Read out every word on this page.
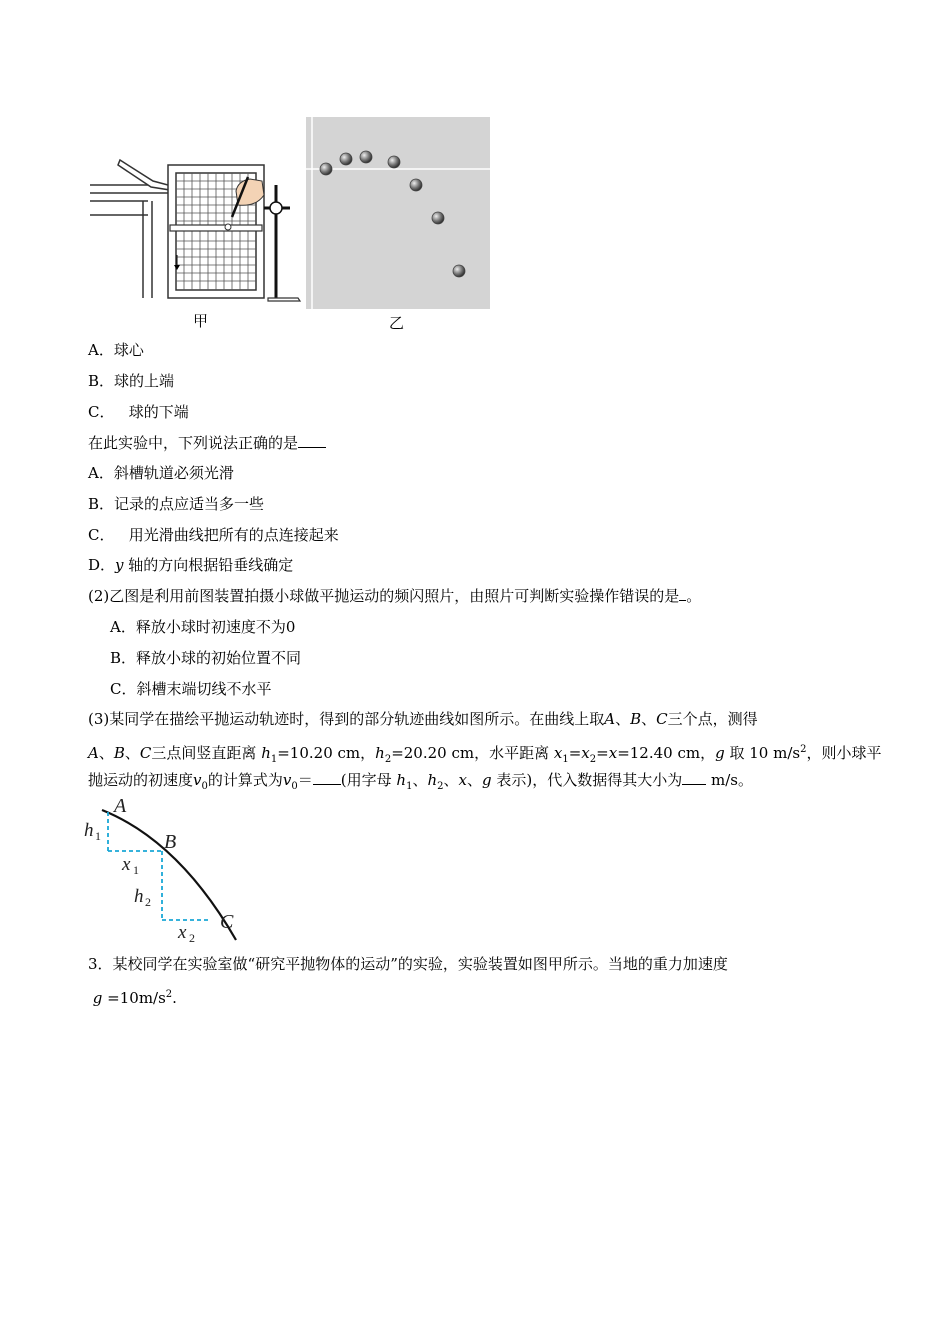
甲	乙
A．球心
B．球的上端
C． 球的下端
在此实验中，下列说法正确的是
A．斜槽轨道必须光滑
B．记录的点应适当多一些
C． 用光滑曲线把所有的点连接起来
D．y 轴的方向根据铅垂线确定
(2)乙图是利用前图装置拍摄小球做平抛运动的频闪照片，由照片可判断实验操作错误的是 。
A．释放小球时初速度不为0
B．释放小球的初始位置不同
C．斜槽末端切线不水平
(3)某同学在描绘平抛运动轨迹时，得到的部分轨迹曲线如图所示。在曲线上取A、B、C三个点，测得
A、B、C三点间竖直距离 $h_1=10.20$ cm，$h_2=20.20$ cm，水平距离 $x_1=x_2=x=12.40$ cm，g 取 10 $m/s^2$，则小球平
抛运动的初速度$v_0$的计算式为$v_0=$ (用字母 $h_1$、$h_2$、x、g 表示)，代入数据得其大小为 m/s。
A
B
C
h 1
x 1
h 2
x 2
3．某校同学在实验室做“研究平抛物体的运动”的实验，实验装置如图甲所示。当地的重力加速度
$g =10m/s^2$.
